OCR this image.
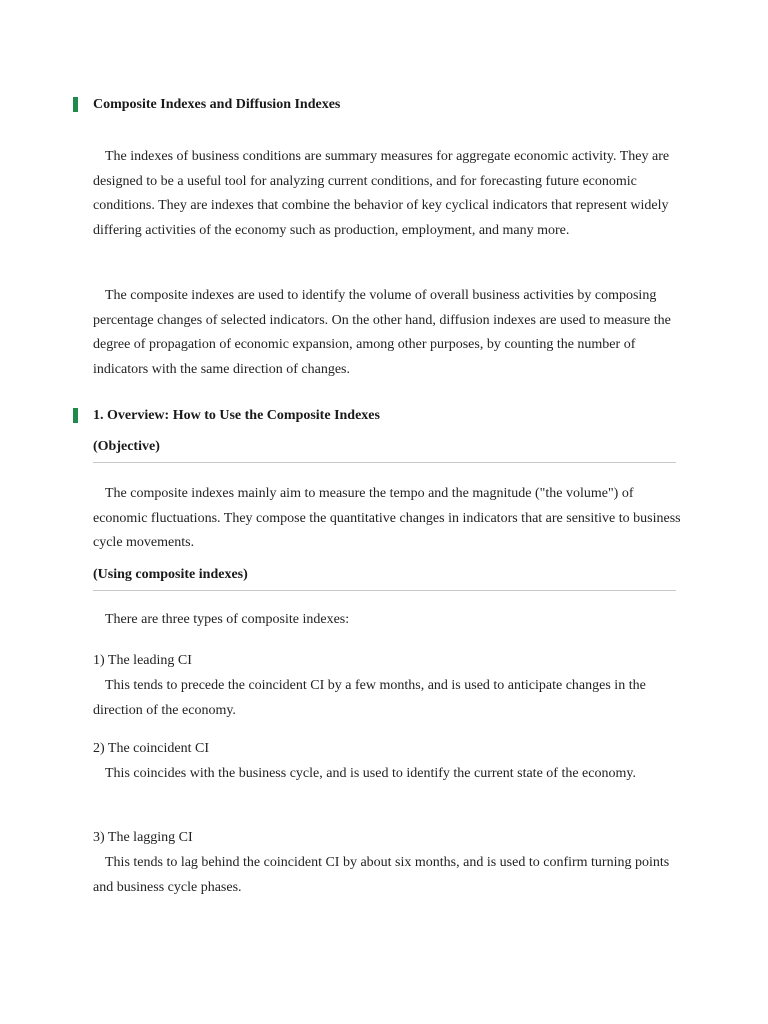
Composite Indexes and Diffusion Indexes

The indexes of business conditions are summary measures for aggregate economic activity. They are designed to be a useful tool for analyzing current conditions, and for forecasting future economic conditions. They are indexes that combine the behavior of key cyclical indicators that represent widely differing activities of the economy such as production, employment, and many more.

The composite indexes are used to identify the volume of overall business activities by composing percentage changes of selected indicators. On the other hand, diffusion indexes are used to measure the degree of propagation of economic expansion, among other purposes, by counting the number of indicators with the same direction of changes.

1. Overview: How to Use the Composite Indexes
(Objective)

The composite indexes mainly aim to measure the tempo and the magnitude ("the volume") of economic fluctuations. They compose the quantitative changes in indicators that are sensitive to business cycle movements.

(Using composite indexes)

There are three types of composite indexes:

1) The leading CI

This tends to precede the coincident CI by a few months, and is used to anticipate changes in the direction of the economy.

2) The coincident CI

This coincides with the business cycle, and is used to identify the current state of the economy.

3) The lagging CI

This tends to lag behind the coincident CI by about six months, and is used to confirm turning points and business cycle phases.
